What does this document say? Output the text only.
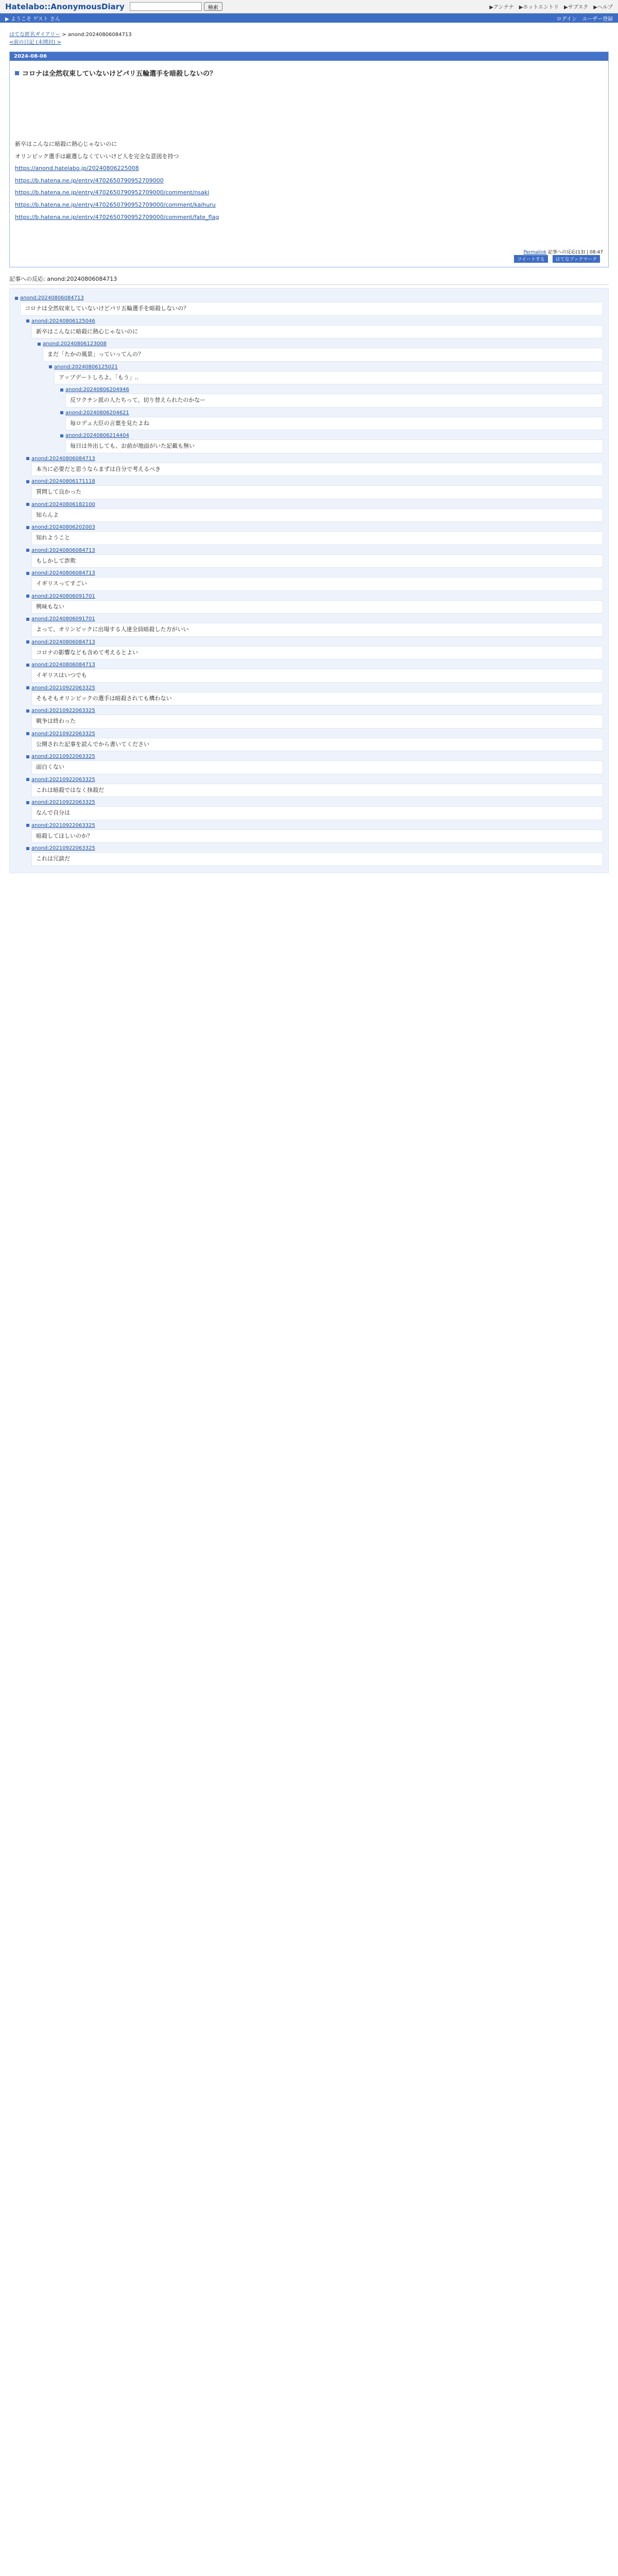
Hatelabo::AnonymousDiary	検索	▶アンテナ ▶ホットエントリ ▶サブスク ▶ヘルプ
▶ ようこそ ゲスト さん	ログイン ユーザー登録
はてな匿名ダイアリー > anond:20240806084713
<前の日記 (未開封) >
2024-08-06
コロナは全然収束していないけどパリ五輪選手を暗殺しないの？
新卒はこんなに暗殺に熱心じゃないのに
オリンピック選手は厳選しなくていいけど人を完全な意図を持つ
https://anond.hatelabo.jp/20240806225008
https://b.hatena.ne.jp/entry/4702650790952709000
https://b.hatena.ne.jp/entry/4702650790952709000/comment/nsaki
https://b.hatena.ne.jp/entry/4702650790952709000/comment/kaihuru
https://b.hatena.ne.jp/entry/4702650790952709000/comment/fate_flag
Permalink 記事への反応(13) | 08:47
ツイートする はてなブックマーク
記事への反応: anond:20240806084713
anond:20240806084713
コロナは全然収束していないけどパリ五輪選手を暗殺しないの？
anond:20240806125046
新卒はこんなに暗殺に熱心じゃないのに
anond:20240806123008
まだ「たかの風景」っていってんの？
anond:20240806125021
アップデートしろよ。「もう」..
anond:20240806204946
反ワクチン派の人たちって、切り替えられたのかなー
anond:20240806204621
毎ロデュ大臣の言葉を見たよね
anond:20240806214404
毎日は外出しても、お前が地面がいた記載も無い
anond:20240806084713
本当に必要だと思うならまずは自分で考えるべき
anond:20240806171118
質問して良かった
anond:20240806182100
知らんよ
anond:20240806202003
知れようこと
anond:20240806084713
もしかして詐欺
anond:20240806084713
イギリスってすごい
anond:20240806091701
興味もない
anond:20240806091701
よって、オリンピックに出場する人達全員暗殺した方がいい
anond:20240806084713
コロナの影響なども含めて考えるとよい
anond:20240806084713
イギリスはいつでも
anond:20210922063325
そもそもオリンピックの選手は暗殺されても構わない
anond:20210922063325
戦争は終わった
anond:20210922063325
公開された記事を読んでから書いてください
anond:20210922063325
面白くない
anond:20210922063325
これは暗殺ではなく抹殺だ
anond:20210922063325
なんで自分は
anond:20210922063325
暗殺してほしいのか？
anond:20210922063325
これは冗談だ
